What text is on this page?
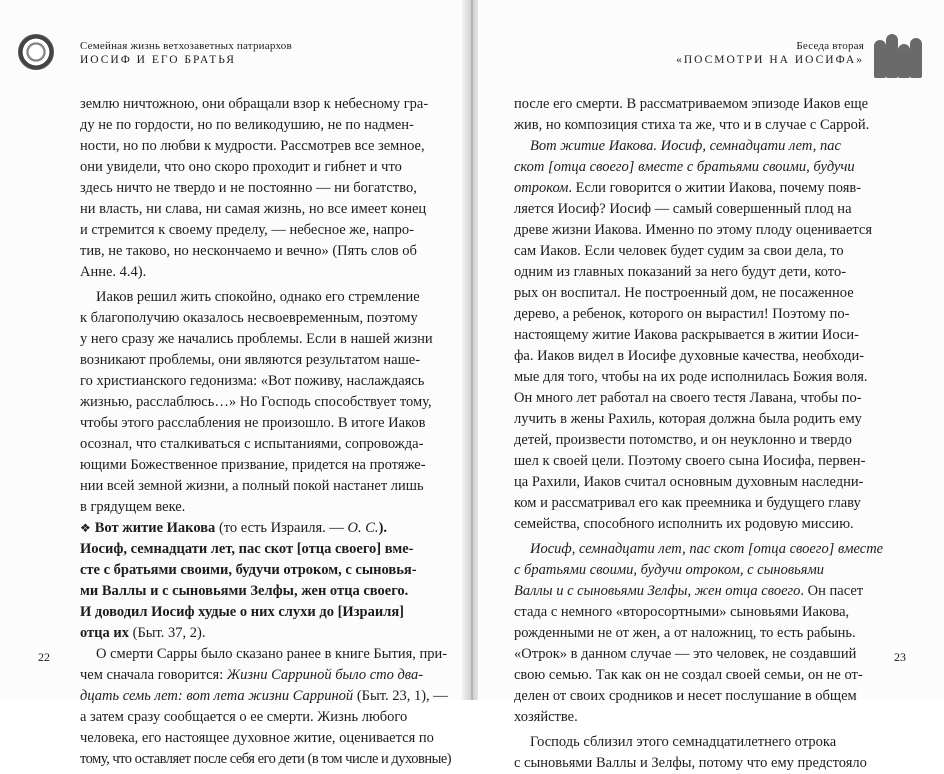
Семейная жизнь ветхозаветных патриархов
ИОСИФ И ЕГО БРАТЬЯ
землю ничтожною, они обращали взор к небесному гра-
ду не по гордости, но по великодушию, не по надмен-
ности, но по любви к мудрости. Рассмотрев все земное,
они увидели, что оно скоро проходит и гибнет и что
здесь ничто не твердо и не постоянно — ни богатство,
ни власть, ни слава, ни самая жизнь, но все имеет конец
и стремится к своему пределу, — небесное же, напро-
тив, не таково, но нескончаемо и вечно» (Пять слов об
Анне. 4.4).
Иаков решил жить спокойно, однако его стремление
к благополучию оказалось несвоевременным, поэтому
у него сразу же начались проблемы. Если в нашей жизни
возникают проблемы, они являются результатом наше-
го христианского гедонизма: «Вот поживу, наслаждаясь
жизнью, расслаблюсь…» Но Господь способствует тому,
чтобы этого расслабления не произошло. В итоге Иаков
осознал, что сталкиваться с испытаниями, сопровожда-
ющими Божественное призвание, придется на протяже-
нии всей земной жизни, а полный покой настанет лишь
в грядущем веке.
❖ Вот житие Иакова (то есть Израиля. — О. С.).
Иосиф, семнадцати лет, пас скот [отца своего] вме-
сте с братьями своими, будучи отроком, с сыновья-
ми Валлы и с сыновьями Зелфы, жен отца своего.
И доводил Иосиф худые о них слухи до [Израиля]
отца их (Быт. 37, 2).
О смерти Сарры было сказано ранее в книге Бытия, при-
чем сначала говорится: Жизни Сарриной было сто два-
дцать семь лет: вот лета жизни Сарриной (Быт. 23, 1), —
а затем сразу сообщается о ее смерти. Жизнь любого
человека, его настоящее духовное житие, оценивается по
тому, что оставляет после себя его дети (в том числе и духовные)
22
Беседа вторая
«ПОСМОТРИ НА ИОСИФА»
после его смерти. В рассматриваемом эпизоде Иаков еще
жив, но композиция стиха та же, что и в случае с Саррой.
Вот житие Иакова. Иосиф, семнадцати лет, пас
скот [отца своего] вместе с братьями своими, будучи
отроком. Если говорится о житии Иакова, почему появ-
ляется Иосиф? Иосиф — самый совершенный плод на
древе жизни Иакова. Именно по этому плоду оценивается
сам Иаков. Если человек будет судим за свои дела, то
одним из главных показаний за него будут дети, кото-
рых он воспитал. Не построенный дом, не посаженное
дерево, а ребенок, которого он вырастил! Поэтому по-
настоящему житие Иакова раскрывается в житии Иоси-
фа. Иаков видел в Иосифе духовные качества, необходи-
мые для того, чтобы на их роде исполнилась Божия воля.
Он много лет работал на своего тестя Лавана, чтобы по-
лучить в жены Рахиль, которая должна была родить ему
детей, произвести потомство, и он неуклонно и твердо
шел к своей цели. Поэтому своего сына Иосифа, первен-
ца Рахили, Иаков считал основным духовным наследни-
ком и рассматривал его как преемника и будущего главу
семейства, способного исполнить их родовую миссию.
Иосиф, семнадцати лет, пас скот [отца своего] вместе
с братьями своими, будучи отроком, с сыновьями
Валлы и с сыновьями Зелфы, жен отца своего. Он пасет
стада с немного «второсортными» сыновьями Иакова,
рожденными не от жен, а от наложниц, то есть рабынь.
«Отрок» в данном случае — это человек, не создавший
свою семью. Так как он не создал своей семьи, он не от-
делен от своих сродников и несет послушание в общем
хозяйстве.
Господь сблизил этого семнадцатилетнего отрока
с сыновьями Валлы и Зелфы, потому что ему предстояло
23
